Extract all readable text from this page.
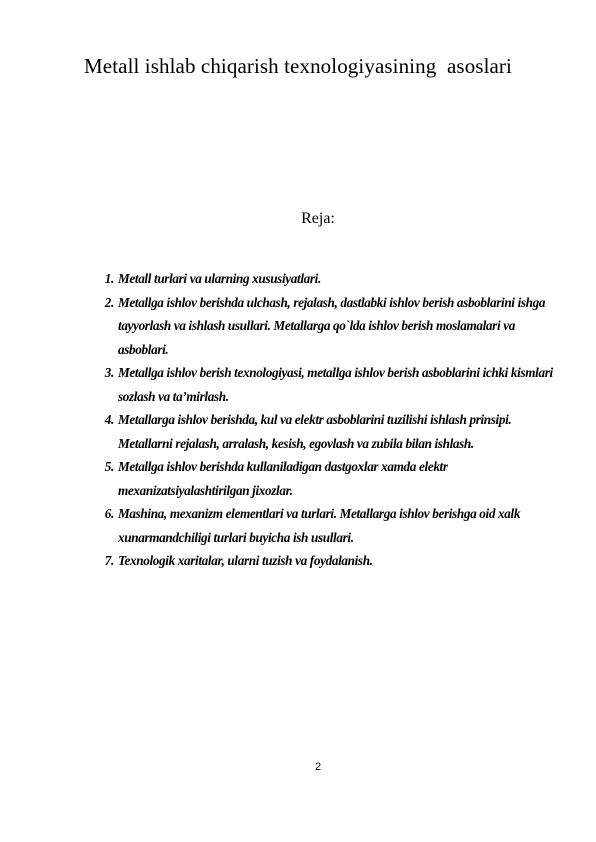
Metall ishlab chiqarish texnologiyasining  asoslari
Reja:
1. Metall turlari va ularning xususiyatlari.
2. Metallga ishlov berishda ulchash, rejalash, dastlabki ishlov berish asboblarini ishga tayyorlash va ishlash usullari. Metallarga qo`lda ishlov berish moslamalari va asboblari.
3. Metallga ishlov berish texnologiyasi, metallga ishlov berish asboblarini ichki kismlari sozlash va ta’mirlash.
4. Metallarga ishlov berishda, kul va elektr asboblarini tuzilishi ishlash prinsipi. Metallarni rejalash, arralash, kesish, egovlash va zubila bilan ishlash.
5. Metallga ishlov berishda kullaniladigan dastgoxlar xamda elektr mexanizatsiyalashtirilgan jixozlar.
6. Mashina, mexanizm elementlari va turlari. Metallarga ishlov berishga oid xalk xunarmandchiligi turlari buyicha ish usullari.
7. Texnologik xaritalar, ularni tuzish va foydalanish.
2
